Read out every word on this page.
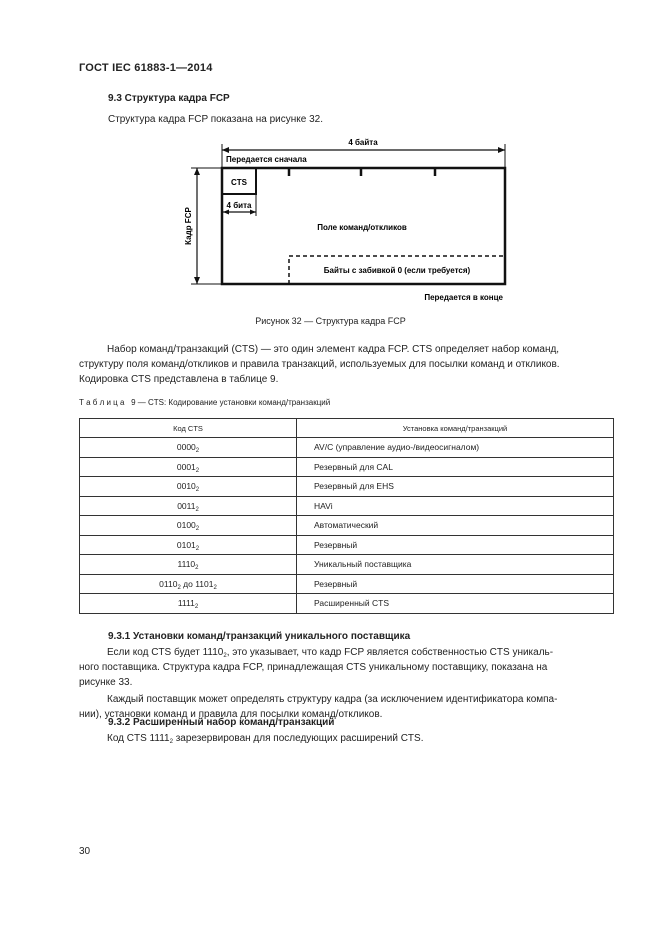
ГОСТ IEC 61883-1—2014
9.3 Структура кадра FCP
Структура кадра FCP показана на рисунке 32.
4 байта
Кадр FCP
Передается сначала
CTS
4 бита
Поле команд/откликов
Байты с забивкой 0 (если требуется)
Передается в конце
Рисунок 32 — Структура кадра FCP
Набор команд/транзакций (CTS) — это один элемент кадра FCP. CTS определяет набор команд,
структуру поля команд/откликов и правила транзакций, используемых для посылки команд и откликов.
Кодировка CTS представлена в таблице 9.
Т а б л и ц а 9 — CTS: Кодирование установки команд/транзакций
Код CTS	Установка команд/транзакций
$0000_2$	AV/C (управление аудио-/видеосигналом)
$0001_2$	Резервный для CAL
$0010_2$	Резервный для EHS
$0011_2$	HAVi
$0100_2$	Автоматический
$0101_2$	Резервный
$1110_2$	Уникальный поставщика
$0110_2$ до $1101_2$	Резервный
$1111_2$	Расширенный CTS
9.3.1 Установки команд/транзакций уникального поставщика
Если код CTS будет $1110_2$, это указывает, что кадр FCP является собственностью CTS уникаль-
ного поставщика. Структура кадра FCP, принадлежащая CTS уникальному поставщику, показана на
рисунке 33.
Каждый поставщик может определять структуру кадра (за исключением идентификатора компа-
нии), установки команд и правила для посылки команд/откликов.
9.3.2 Расширенный набор команд/транзакций
Код CTS $1111_2$ зарезервирован для последующих расширений CTS.
30
